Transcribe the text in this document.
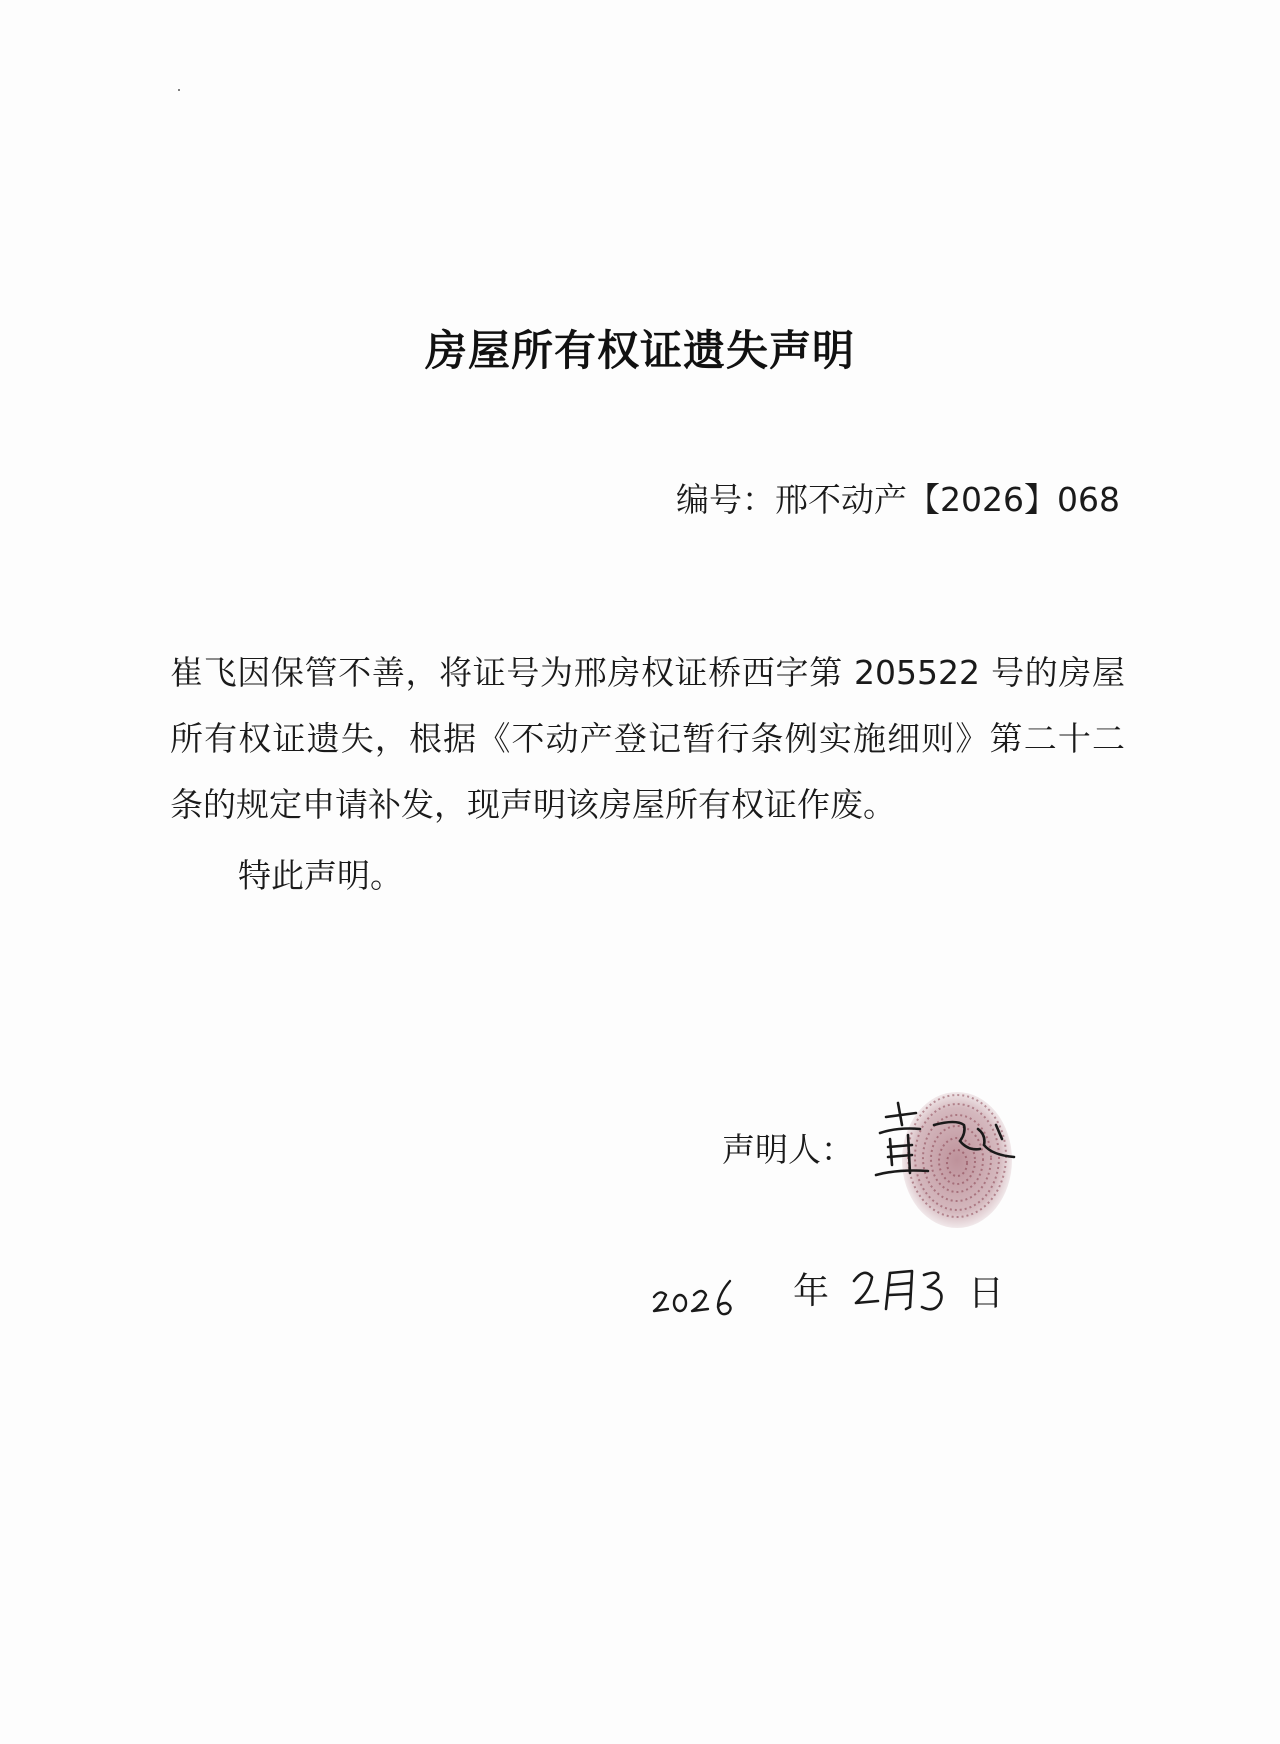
房屋所有权证遗失声明
编号：邢不动产【2026】068
崔飞因保管不善，将证号为邢房权证桥西字第 205522 号的房屋所有权证遗失，根据《不动产登记暂行条例实施细则》第二十二条的规定申请补发，现声明该房屋所有权证作废。
特此声明。
声明人：
年	日
